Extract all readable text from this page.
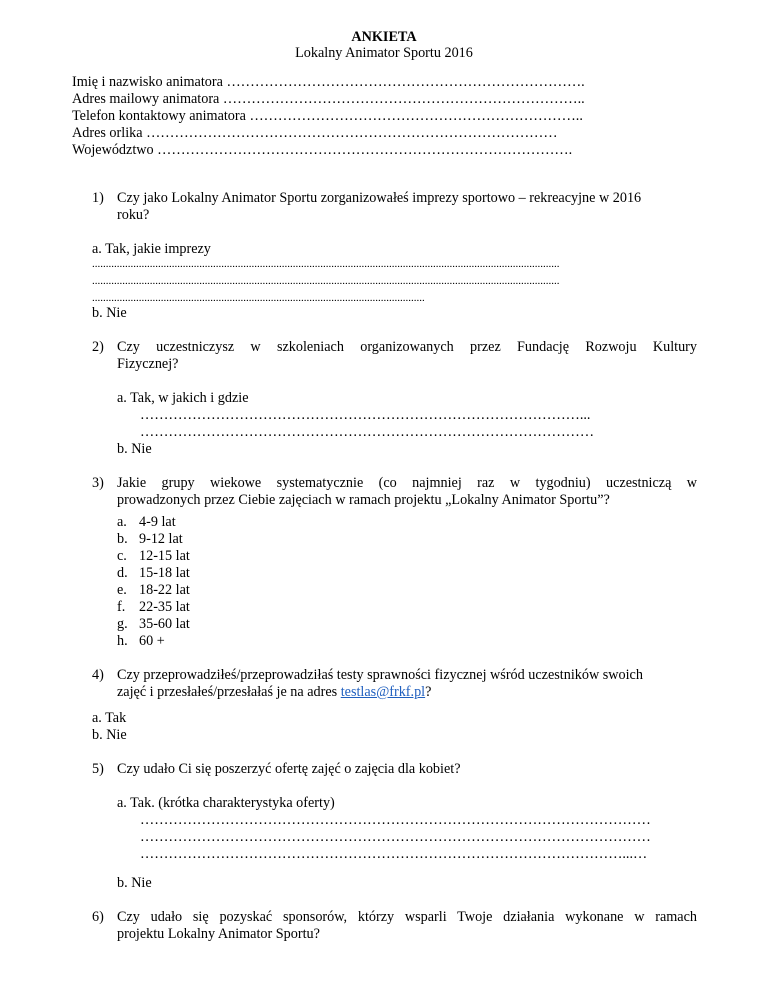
ANKIETA
Lokalny Animator Sportu 2016
Imię i nazwisko animatora ………………………………………………………………….
Adres mailowy animatora …………………………………………………………………..
Telefon kontaktowy animatora ……………………………………………………………..
Adres orlika ……………………………………………………………………………
Województwo …………………………………………………………………………….
1) Czy jako Lokalny Animator Sportu zorganizowałeś imprezy sportowo – rekreacyjne w 2016
roku?
a. Tak, jakie imprezy
..........................................................................................................................................................................
..........................................................................................................................................................................
.........................................................................................................................
b. Nie
2) Czy uczestniczysz w szkoleniach organizowanych przez Fundację Rozwoju Kultury
Fizycznej?
a. Tak, w jakich i gdzie
…………………………………………………………………………………...
……………………………………………………………………………………
b. Nie
3) Jakie grupy wiekowe systematycznie (co najmniej raz w tygodniu) uczestniczą w
prowadzonych przez Ciebie zajęciach w ramach projektu „Lokalny Animator Sportu”?
a. 4-9 lat
b. 9-12 lat
c. 12-15 lat
d. 15-18 lat
e. 18-22 lat
f. 22-35 lat
g. 35-60 lat
h. 60 +
4) Czy przeprowadziłeś/przeprowadziłaś testy sprawności fizycznej wśród uczestników swoich
zajęć i przesłałeś/przesłałaś je na adres testlas@frkf.pl?
a. Tak
b. Nie
5) Czy udało Ci się poszerzyć ofertę zajęć o zajęcia dla kobiet?
a. Tak. (krótka charakterystyka oferty)
………………………………………………………………………………………………
………………………………………………………………………………………………
…………………………………………………………………………………………...…
b. Nie
6) Czy udało się pozyskać sponsorów, którzy wsparli Twoje działania wykonane w ramach
projektu Lokalny Animator Sportu?
